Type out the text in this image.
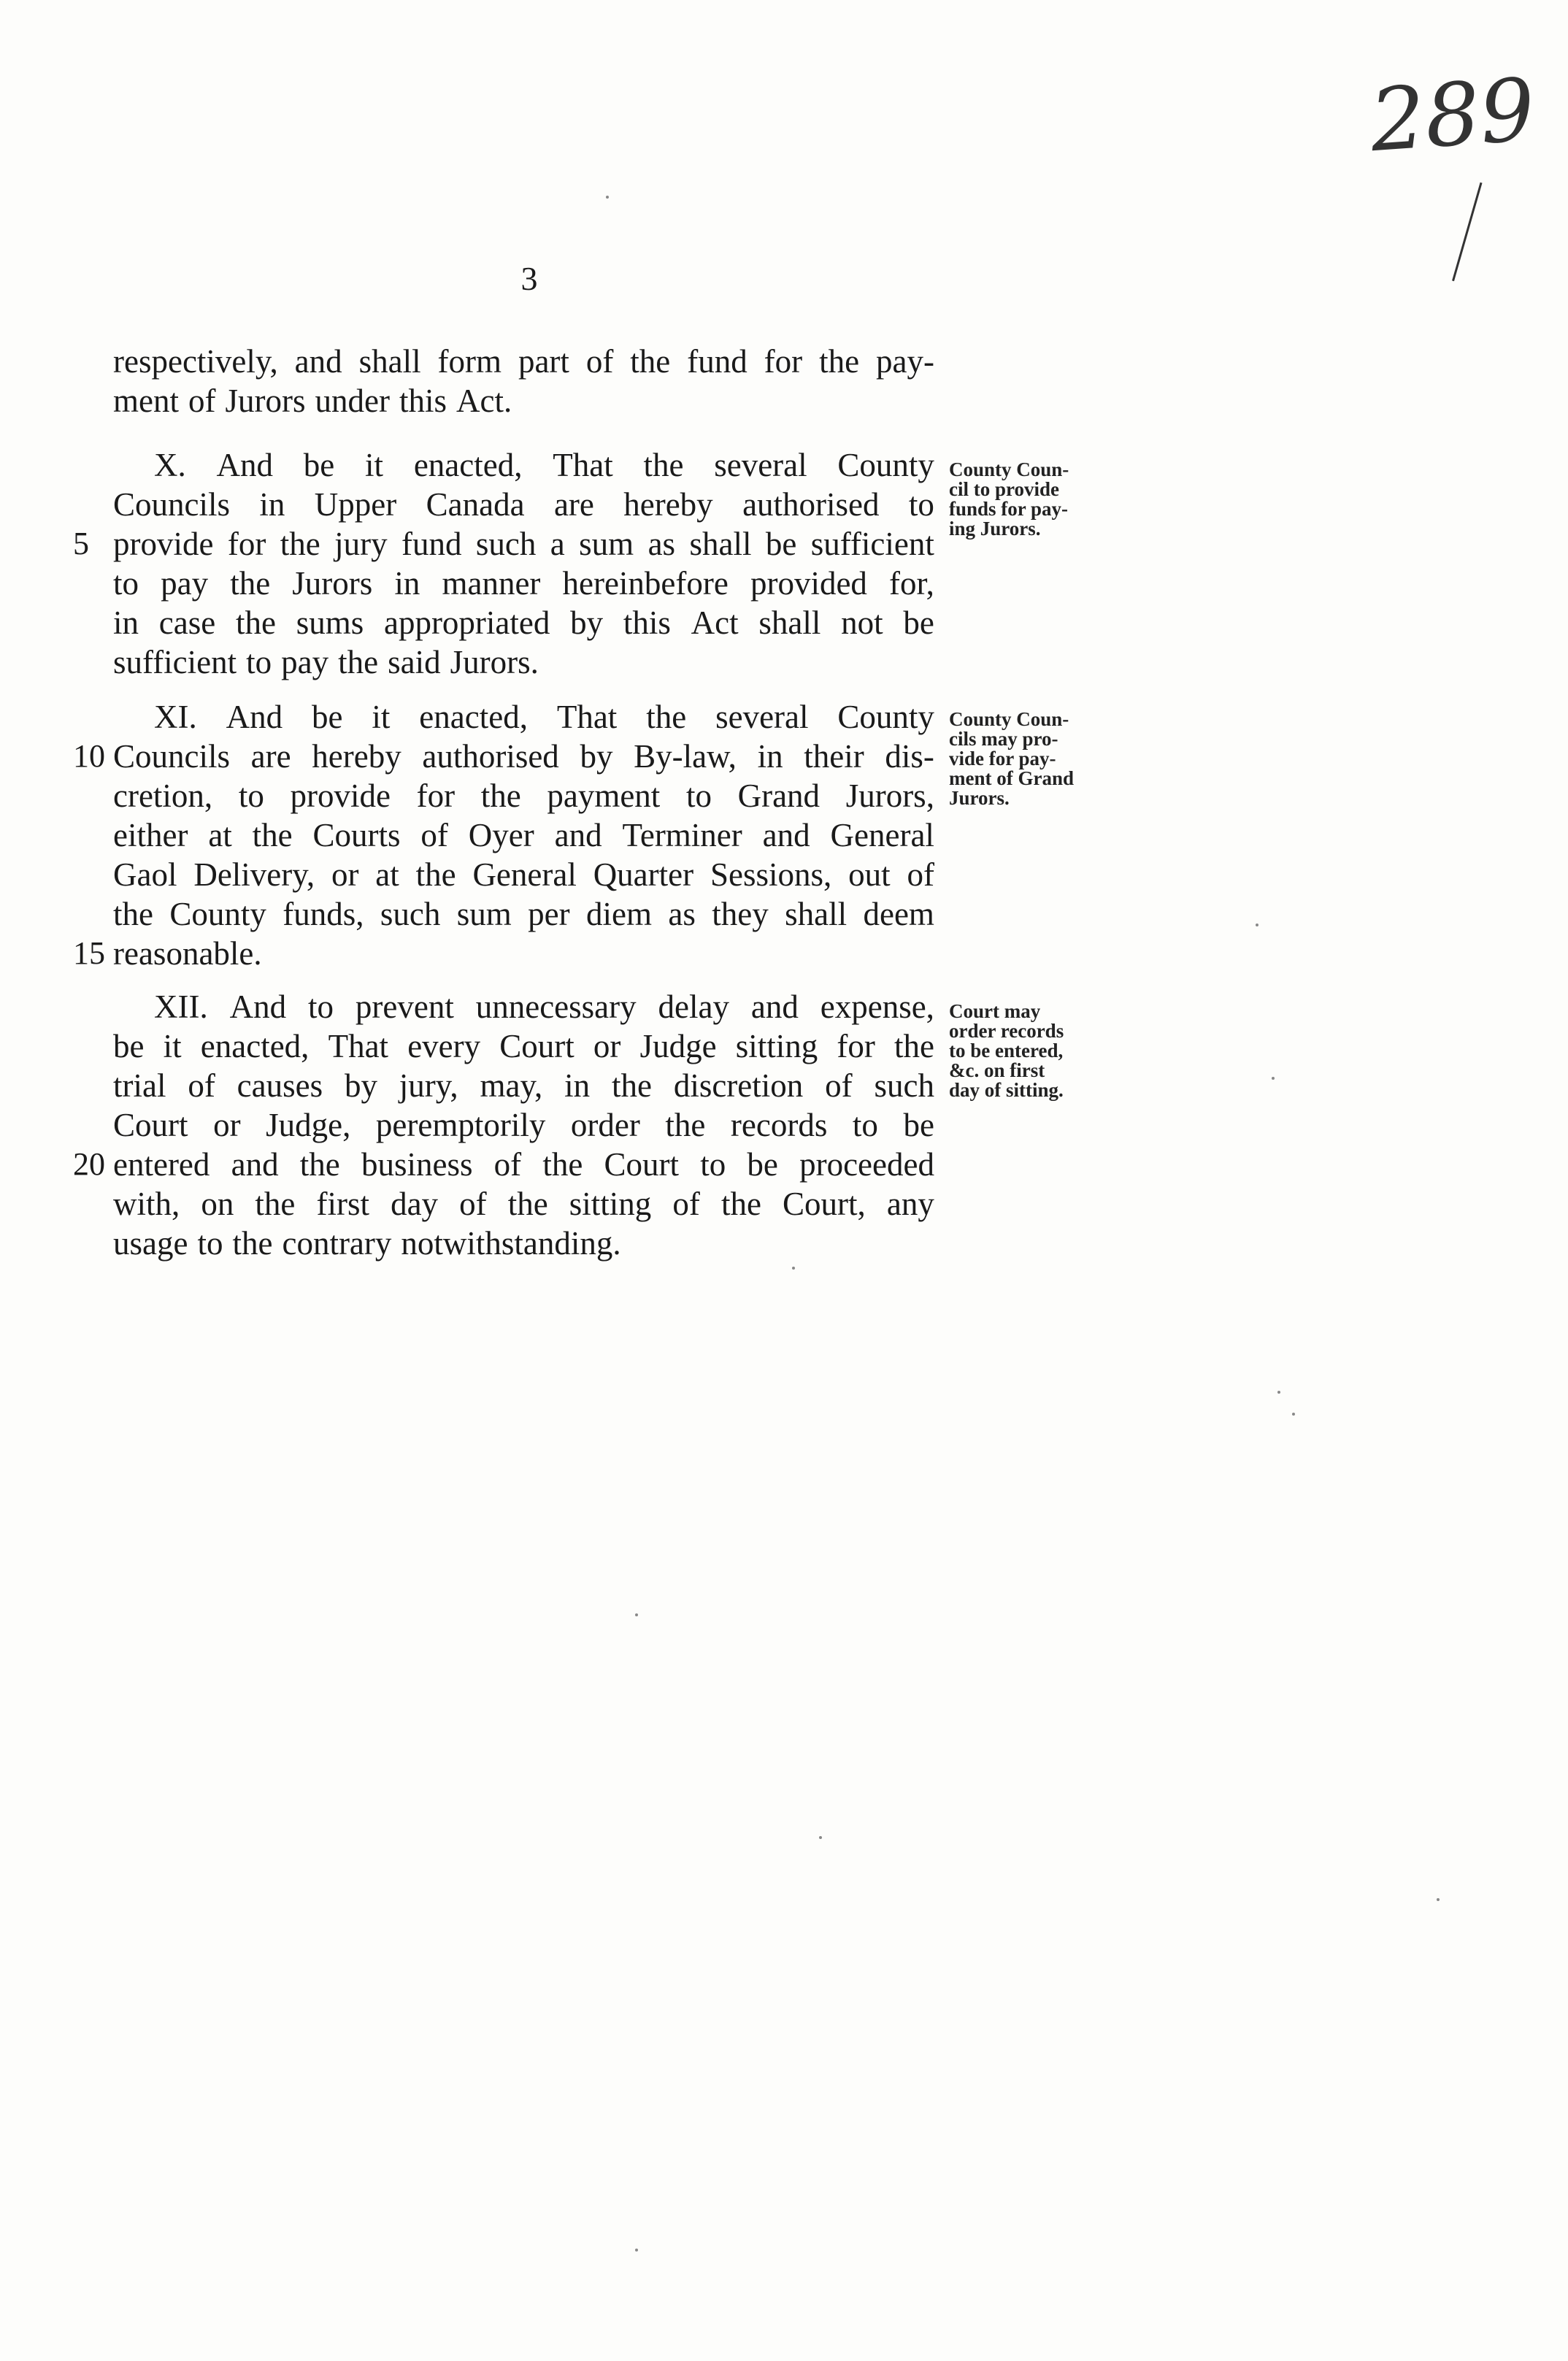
289
3
respectively, and shall form part of the fund for the pay-
ment of Jurors under this Act.
X. And be it enacted, That the several County
Councils in Upper Canada are hereby authorised to
provide for the jury fund such a sum as shall be sufficient
5
to pay the Jurors in manner hereinbefore provided for,
in case the sums appropriated by this Act shall not be
sufficient to pay the said Jurors.
County Coun-
cil to provide
funds for pay-
ing Jurors.
XI. And be it enacted, That the several County
Councils are hereby authorised by By-law, in their dis-
10
cretion, to provide for the payment to Grand Jurors,
either at the Courts of Oyer and Terminer and General
Gaol Delivery, or at the General Quarter Sessions, out of
the County funds, such sum per diem as they shall deem
reasonable.
15
County Coun-
cils may pro-
vide for pay-
ment of Grand
Jurors.
XII. And to prevent unnecessary delay and expense,
be it enacted, That every Court or Judge sitting for the
trial of causes by jury, may, in the discretion of such
Court or Judge, peremptorily order the records to be
entered and the business of the Court to be proceeded
20
with, on the first day of the sitting of the Court, any
usage to the contrary notwithstanding.
Court may
order records
to be entered,
&c. on first
day of sitting.
